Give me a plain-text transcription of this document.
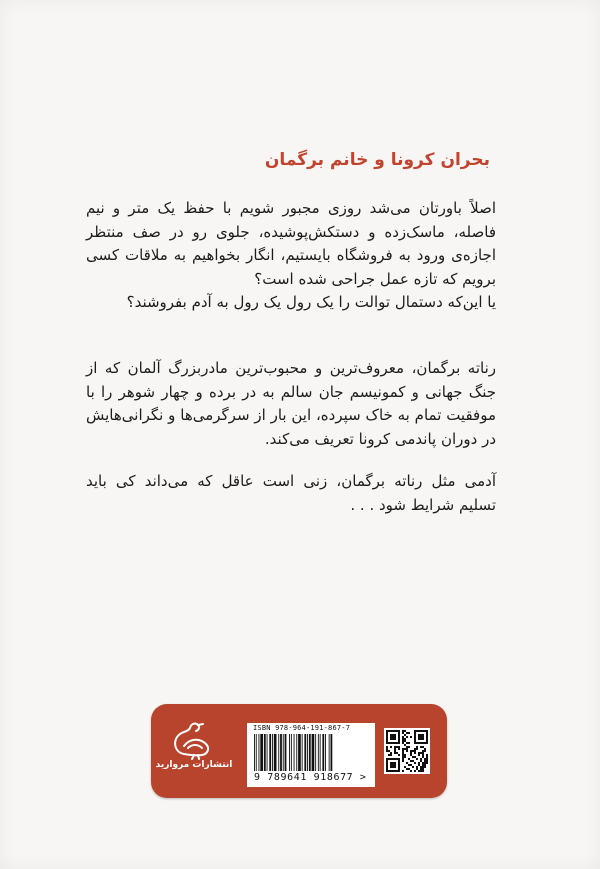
بحران کرونا و خانم برگمان
اصلاً باورتان می‌شد روزی مجبور شویم با حفظ یک متر و نیم
فاصله، ماسک‌زده و دستکش‌پوشیده، جلوی رو در صف منتظر
اجازه‌ی ورود به فروشگاه بایستیم، انگار بخواهیم به ملاقات کسی
برویم که تازه عمل جراحی شده است؟
یا این‌که دستمال توالت را یک رول یک رول به آدم بفروشند؟
رناته برگمان، معروف‌ترین و محبوب‌ترین مادربزرگ آلمان که از
جنگ جهانی و کمونیسم جان سالم به در برده و چهار شوهر را با
موفقیت تمام به خاک سپرده، این بار از سرگرمی‌ها و نگرانی‌هایش
در دوران پاندمی کرونا تعریف می‌کند.
آدمی مثل رناته برگمان، زنی است عاقل که می‌داند کی باید
تسلیم شرایط شود . . .
انتشارات مروارید
ISBN 978-964-191-867-7
9 789641 918677 >
